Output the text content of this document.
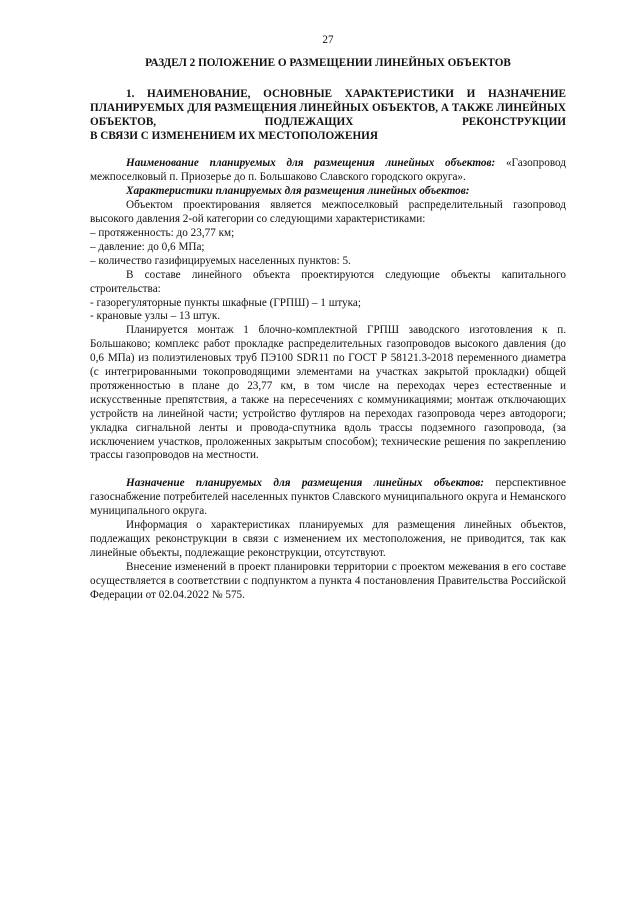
27
РАЗДЕЛ 2 ПОЛОЖЕНИЕ О РАЗМЕЩЕНИИ ЛИНЕЙНЫХ ОБЪЕКТОВ
1. НАИМЕНОВАНИЕ, ОСНОВНЫЕ ХАРАКТЕРИСТИКИ И НАЗНАЧЕНИЕ ПЛАНИРУЕМЫХ ДЛЯ РАЗМЕЩЕНИЯ ЛИНЕЙНЫХ ОБЪЕКТОВ, А ТАКЖЕ ЛИНЕЙНЫХ ОБЪЕКТОВ, ПОДЛЕЖАЩИХ РЕКОНСТРУКЦИИ
В СВЯЗИ С ИЗМЕНЕНИЕМ ИХ МЕСТОПОЛОЖЕНИЯ

Наименование планируемых для размещения линейных объектов: «Газопровод межпоселковый п. Приозерье до п. Большаково Славского городского округа».

Характеристики планируемых для размещения линейных объектов:

Объектом проектирования является межпоселковый распределительный газопровод высокого давления 2-ой категории со следующими характеристиками:

– протяженность: до 23,77 км;

– давление: до 0,6 МПа;

– количество газифицируемых населенных пунктов: 5.

В составе линейного объекта проектируются следующие объекты капитального строительства:

- газорегуляторные пункты шкафные (ГРПШ) – 1 штука;

- крановые узлы – 13 штук.

Планируется монтаж 1 блочно-комплектной ГРПШ заводского изготовления к п. Большаково; комплекс работ прокладке распределительных газопроводов высокого давления (до 0,6 МПа) из полиэтиленовых труб ПЭ100 SDR11 по ГОСТ Р 58121.3-2018 переменного диаметра (с интегрированными токопроводящими элементами на участках закрытой прокладки) общей протяженностью в плане до 23,77 км, в том числе на переходах через естественные и искусственные препятствия, а также на пересечениях с коммуникациями; монтаж отключающих устройств на линейной части; устройство футляров на переходах газопровода через автодороги; укладка сигнальной ленты и провода-спутника вдоль трассы подземного газопровода, (за исключением участков, проложенных закрытым способом); технические решения по закреплению трассы газопроводов на местности.

Назначение планируемых для размещения линейных объектов: перспективное газоснабжение потребителей населенных пунктов Славского муниципального округа и Неманского муниципального округа.

Информация о характеристиках планируемых для размещения линейных объектов, подлежащих реконструкции в связи с изменением их местоположения, не приводится, так как линейные объекты, подлежащие реконструкции, отсутствуют.

Внесение изменений в проект планировки территории с проектом межевания в его составе осуществляется в соответствии с подпунктом а пункта 4 постановления Правительства Российской Федерации от 02.04.2022 № 575.
